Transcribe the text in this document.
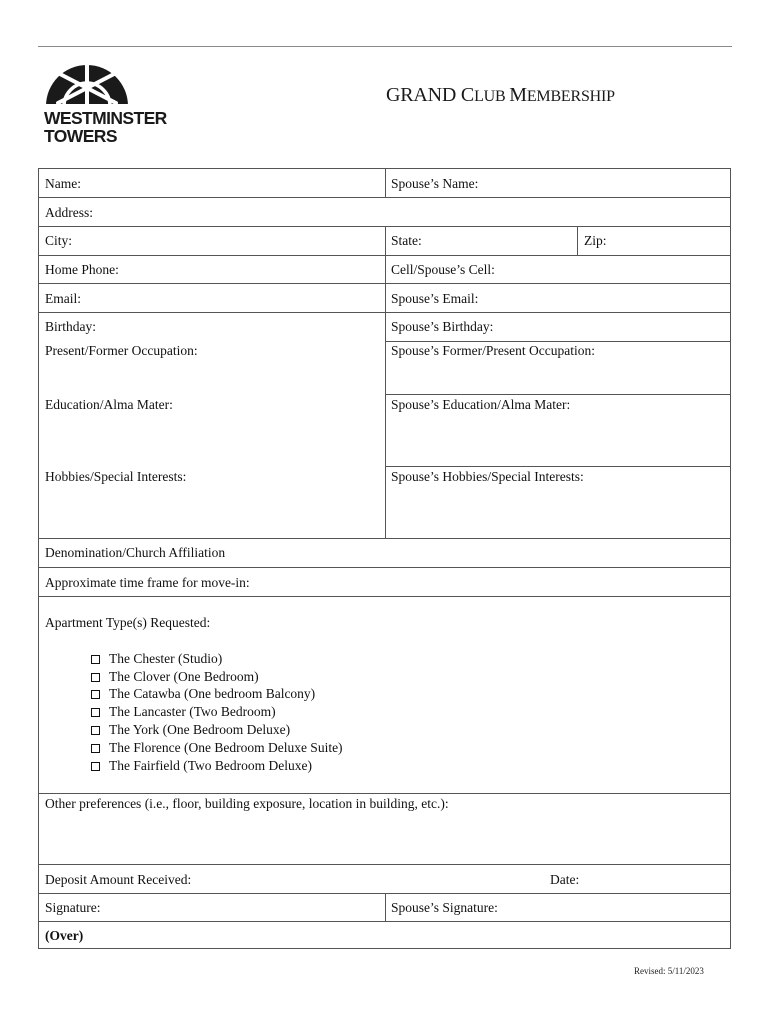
WESTMINSTER
TOWERS
GRAND CLUB MEMBERSHIP
Name:	Spouse’s Name:
Address:
City:	State:	Zip:
Home Phone:	Cell/Spouse’s Cell:
Email:	Spouse’s Email:
Birthday:	Spouse’s Birthday:
Present/Former Occupation:	Spouse’s Former/Present Occupation:
Education/Alma Mater:	Spouse’s Education/Alma Mater:
Hobbies/Special Interests:	Spouse’s Hobbies/Special Interests:
Denomination/Church Affiliation
Approximate time frame for move-in:
Apartment Type(s) Requested:
The Chester (Studio)
The Clover (One Bedroom)
The Catawba (One bedroom Balcony)
The Lancaster (Two Bedroom)
The York (One Bedroom Deluxe)
The Florence (One Bedroom Deluxe Suite)
The Fairfield (Two Bedroom Deluxe)
Other preferences (i.e., floor, building exposure, location in building, etc.):
Deposit Amount Received:	Date:
Signature:	Spouse’s Signature:
(Over)
Revised: 5/11/2023
